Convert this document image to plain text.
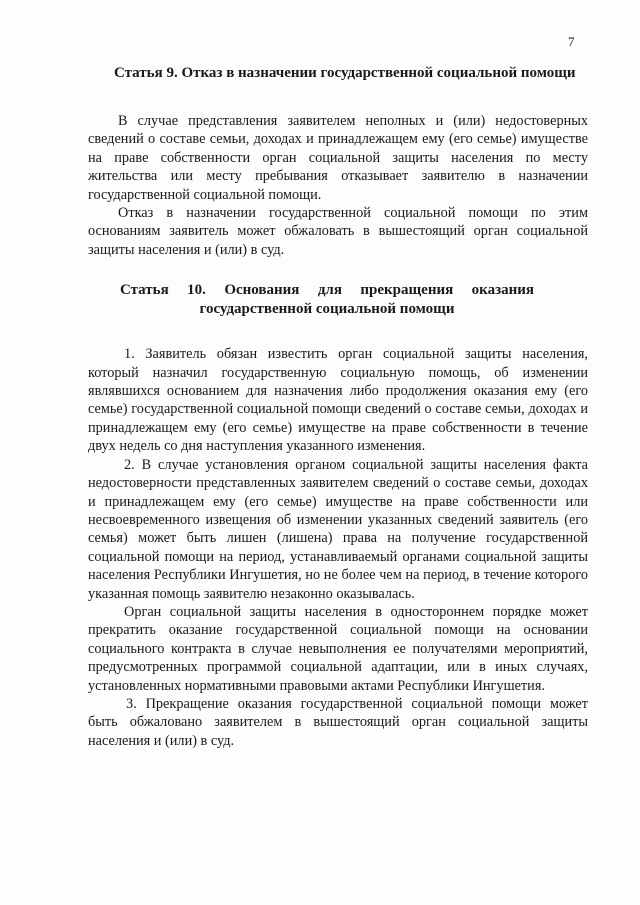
7
Статья 9. Отказ в назначении государственной социальной помощи

В случае представления заявителем неполных и (или) недостоверных сведений о составе семьи, доходах и принадлежащем ему (его семье) имуществе на праве собственности орган социальной защиты населения по месту жительства или месту пребывания отказывает заявителю в назначении государственной социальной помощи.

Отказ в назначении государственной социальной помощи по этим основаниям заявитель может обжаловать в вышестоящий орган социальной защиты населения и (или) в суд.

Статья 10. Основания для прекращения оказания государственной социальной помощи

1. Заявитель обязан известить орган социальной защиты населения, который назначил государственную социальную помощь, об изменении являвшихся основанием для назначения либо продолжения оказания ему (его семье) государственной социальной помощи сведений о составе семьи, доходах и принадлежащем ему (его семье) имуществе на праве собственности в течение двух недель со дня наступления указанного изменения.

2. В случае установления органом социальной защиты населения факта недостоверности представленных заявителем сведений о составе семьи, доходах и принадлежащем ему (его семье) имуществе на праве собственности или несвоевременного извещения об изменении указанных сведений заявитель (его семья) может быть лишен (лишена) права на получение государственной социальной помощи на период, устанавливаемый органами социальной защиты населения Республики Ингушетия, но не более чем на период, в течение которого указанная помощь заявителю незаконно оказывалась.

Орган социальной защиты населения в одностороннем порядке может прекратить оказание государственной социальной помощи на основании социального контракта в случае невыполнения ее получателями мероприятий, предусмотренных программой социальной адаптации, или в иных случаях, установленных нормативными правовыми актами Республики Ингушетия.

3. Прекращение оказания государственной социальной помощи может быть обжаловано заявителем в вышестоящий орган социальной защиты населения и (или) в суд.
